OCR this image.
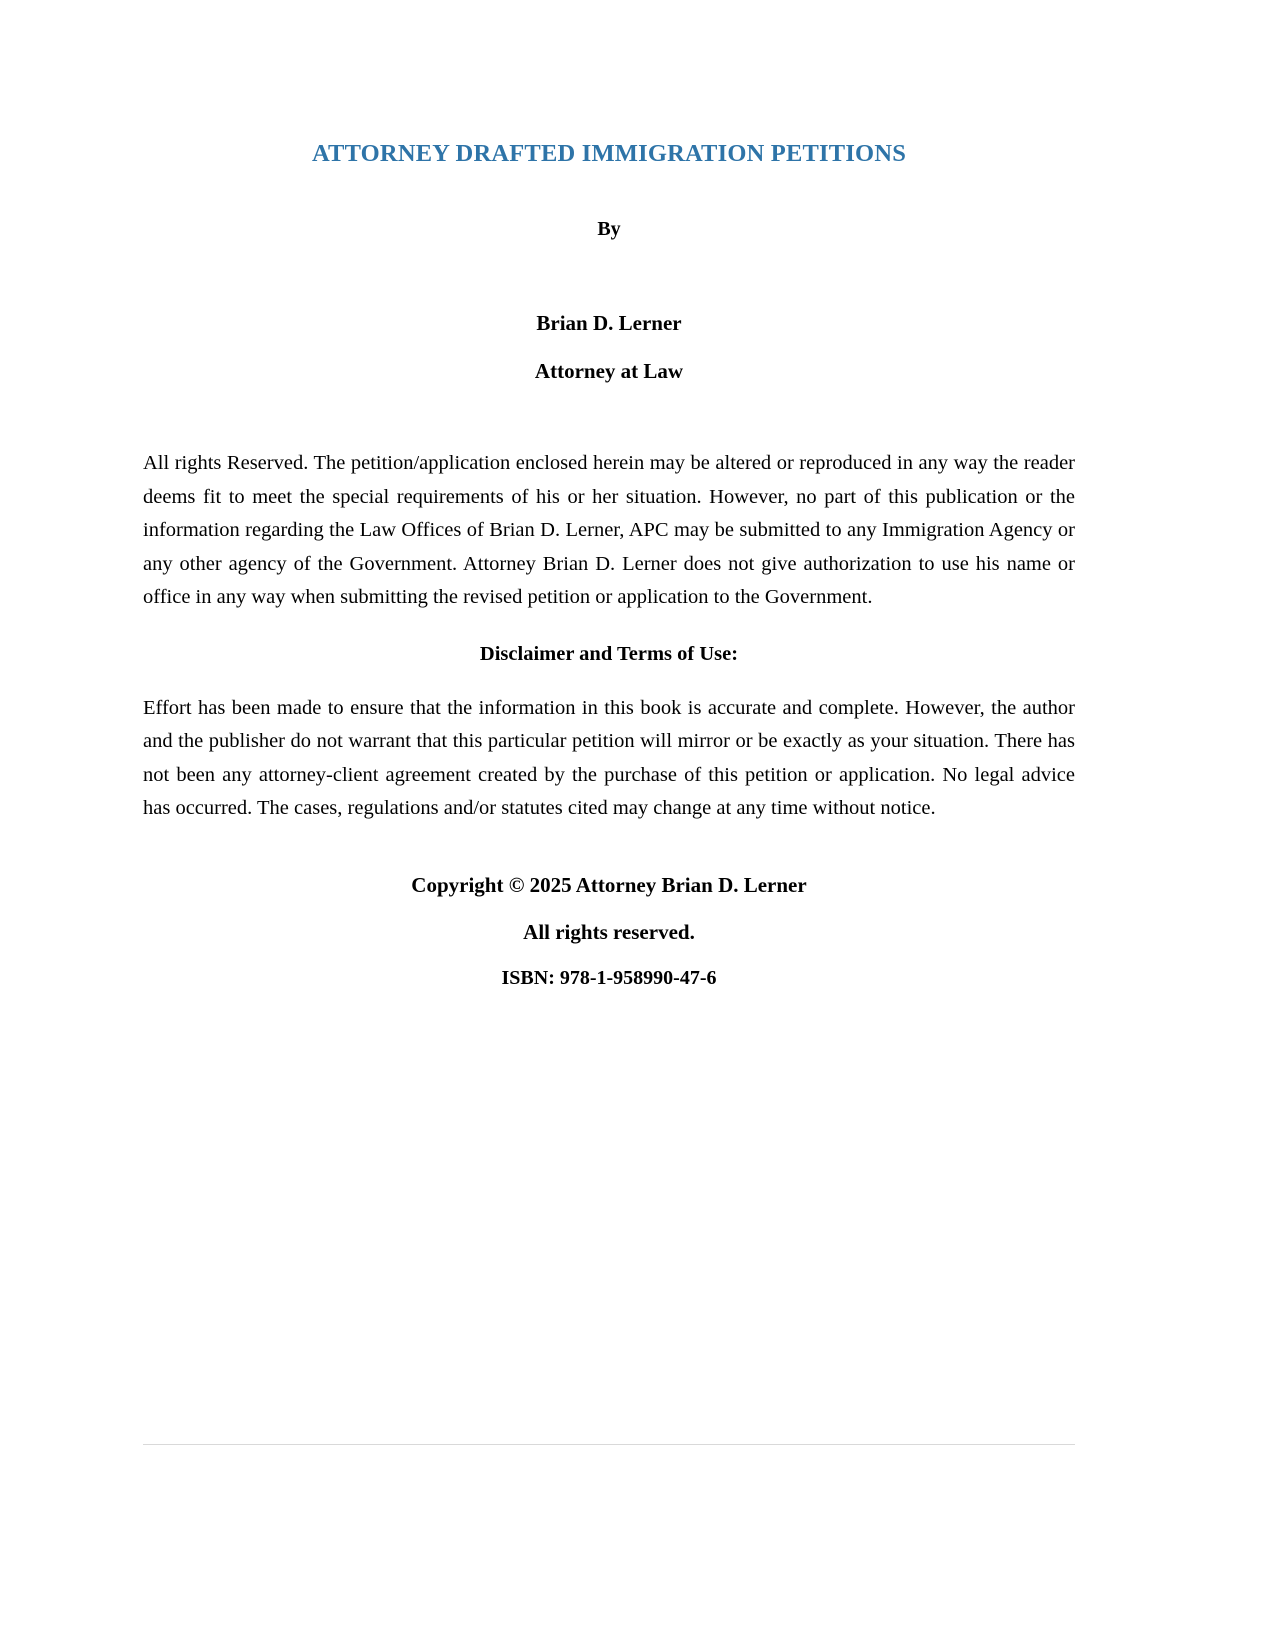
ATTORNEY DRAFTED IMMIGRATION PETITIONS

By

Brian D. Lerner

Attorney at Law

All rights Reserved. The petition/application enclosed herein may be altered or reproduced in any way the reader deems fit to meet the special requirements of his or her situation. However, no part of this publication or the information regarding the Law Offices of Brian D. Lerner, APC may be submitted to any Immigration Agency or any other agency of the Government. Attorney Brian D. Lerner does not give authorization to use his name or office in any way when submitting the revised petition or application to the Government.

Disclaimer and Terms of Use:

Effort has been made to ensure that the information in this book is accurate and complete. However, the author and the publisher do not warrant that this particular petition will mirror or be exactly as your situation. There has not been any attorney-client agreement created by the purchase of this petition or application. No legal advice has occurred. The cases, regulations and/or statutes cited may change at any time without notice.

Copyright © 2025 Attorney Brian D. Lerner

All rights reserved.

ISBN: 978-1-958990-47-6
